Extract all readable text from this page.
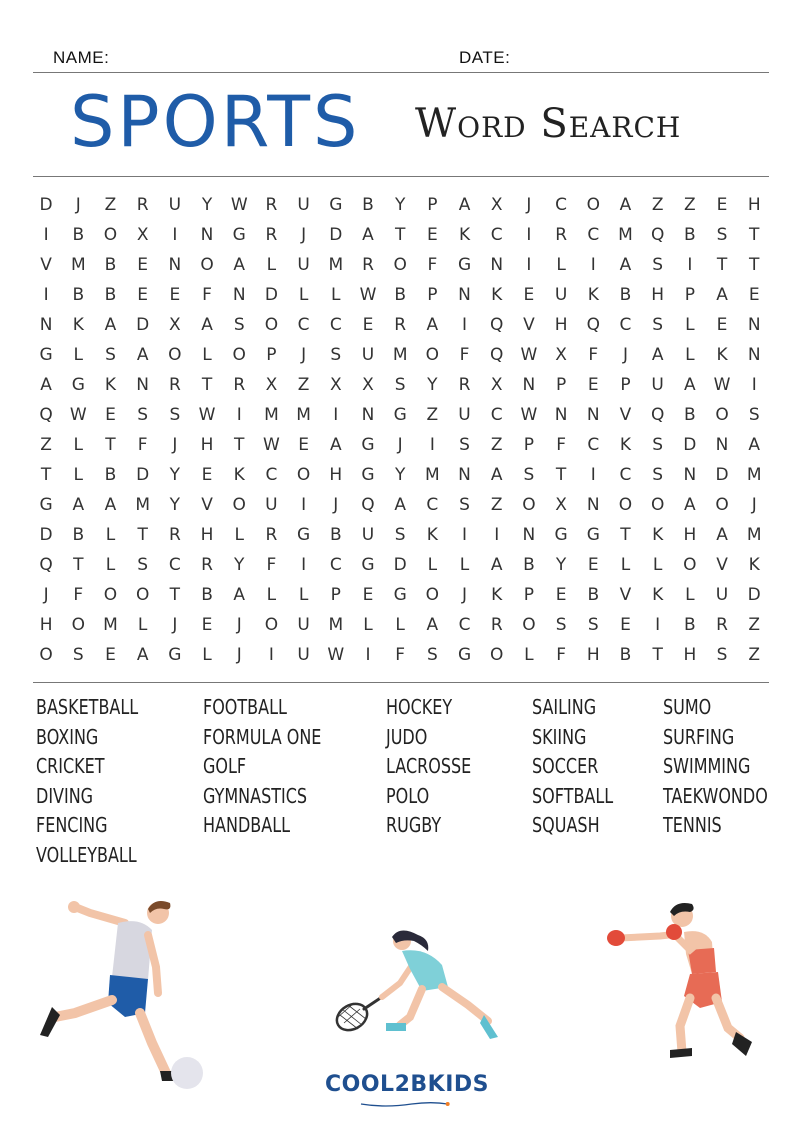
NAME:	DATE:
SPORTS Word Search
D	J	Z	R	U	Y	W	R	U	G	B	Y	P	A	X	J	C	O	A	Z	Z	E	H
I	B	O	X	I	N	G	R	J	D	A	T	E	K	C	I	R	C	M	Q	B	S	T
V	M	B	E	N	O	A	L	U	M	R	O	F	G	N	I	L	I	A	S	I	T	T
I	B	B	E	E	F	N	D	L	L	W	B	P	N	K	E	U	K	B	H	P	A	E
N	K	A	D	X	A	S	O	C	C	E	R	A	I	Q	V	H	Q	C	S	L	E	N
G	L	S	A	O	L	O	P	J	S	U	M	O	F	Q	W	X	F	J	A	L	K	N
A	G	K	N	R	T	R	X	Z	X	X	S	Y	R	X	N	P	E	P	U	A	W	I
Q	W	E	S	S	W	I	M	M	I	N	G	Z	U	C	W	N	N	V	Q	B	O	S
Z	L	T	F	J	H	T	W	E	A	G	J	I	S	Z	P	F	C	K	S	D	N	A
T	L	B	D	Y	E	K	C	O	H	G	Y	M	N	A	S	T	I	C	S	N	D	M
G	A	A	M	Y	V	O	U	I	J	Q	A	C	S	Z	O	X	N	O	O	A	O	J
D	B	L	T	R	H	L	R	G	B	U	S	K	I	I	N	G	G	T	K	H	A	M
Q	T	L	S	C	R	Y	F	I	C	G	D	L	L	A	B	Y	E	L	L	O	V	K
J	F	O	O	T	B	A	L	L	P	E	G	O	J	K	P	E	B	V	K	L	U	D
H	O	M	L	J	E	J	O	U	M	L	L	A	C	R	O	S	S	E	I	B	R	Z
O	S	E	A	G	L	J	I	U	W	I	F	S	G	O	L	F	H	B	T	H	S	Z
BASKETBALL
BOXING
CRICKET
DIVING
FENCING
VOLLEYBALL
FOOTBALL
FORMULA ONE
GOLF
GYMNASTICS
HANDBALL
HOCKEY
JUDO
LACROSSE
POLO
RUGBY
SAILING
SKIING
SOCCER
SOFTBALL
SQUASH
SUMO
SURFING
SWIMMING
TAEKWONDO
TENNIS
COOL2BKIDS
